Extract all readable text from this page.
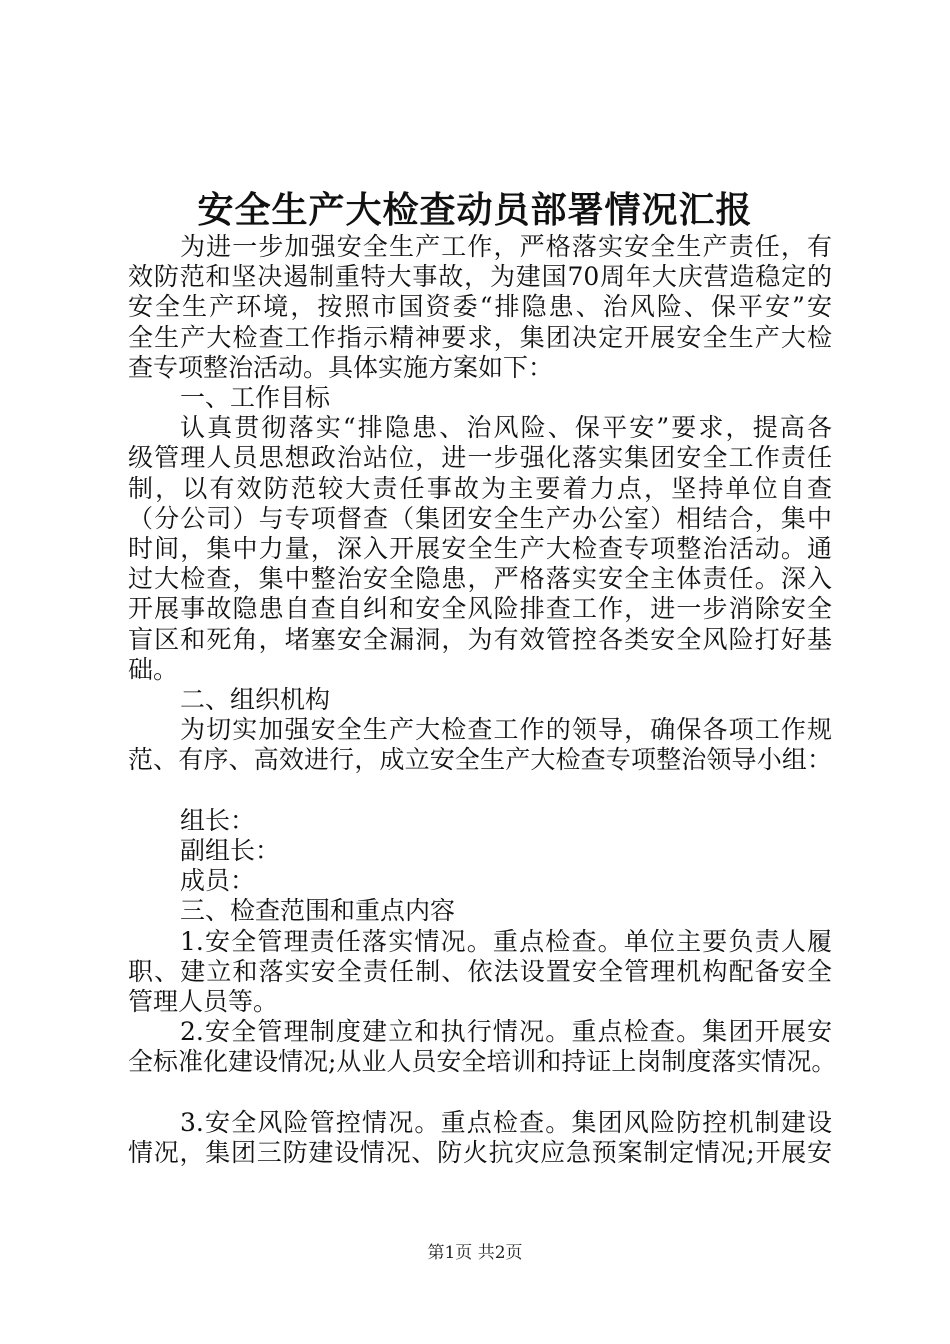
安全生产大检查动员部署情况汇报
为进一步加强安全生产工作，严格落实安全生产责任，有
效防范和坚决遏制重特大事故，为建国70周年大庆营造稳定的
安全生产环境，按照市国资委“排隐患、治风险、保平安”安
全生产大检查工作指示精神要求，集团决定开展安全生产大检
查专项整治活动。具体实施方案如下：
一、工作目标
认真贯彻落实“排隐患、治风险、保平安”要求，提高各
级管理人员思想政治站位，进一步强化落实集团安全工作责任
制，以有效防范较大责任事故为主要着力点，坚持单位自查
（分公司）与专项督查（集团安全生产办公室）相结合，集中
时间，集中力量，深入开展安全生产大检查专项整治活动。通
过大检查，集中整治安全隐患，严格落实安全主体责任。深入
开展事故隐患自查自纠和安全风险排查工作，进一步消除安全
盲区和死角，堵塞安全漏洞，为有效管控各类安全风险打好基
础。
二、组织机构
为切实加强安全生产大检查工作的领导，确保各项工作规
范、有序、高效进行，成立安全生产大检查专项整治领导小组：
组长：
副组长：
成员：
三、检查范围和重点内容
1.安全管理责任落实情况。重点检查。单位主要负责人履
职、建立和落实安全责任制、依法设置安全管理机构配备安全
管理人员等。
2.安全管理制度建立和执行情况。重点检查。集团开展安
全标准化建设情况;从业人员安全培训和持证上岗制度落实情况。
3.安全风险管控情况。重点检查。集团风险防控机制建设
情况，集团三防建设情况、防火抗灾应急预案制定情况;开展安
第1页 共2页
